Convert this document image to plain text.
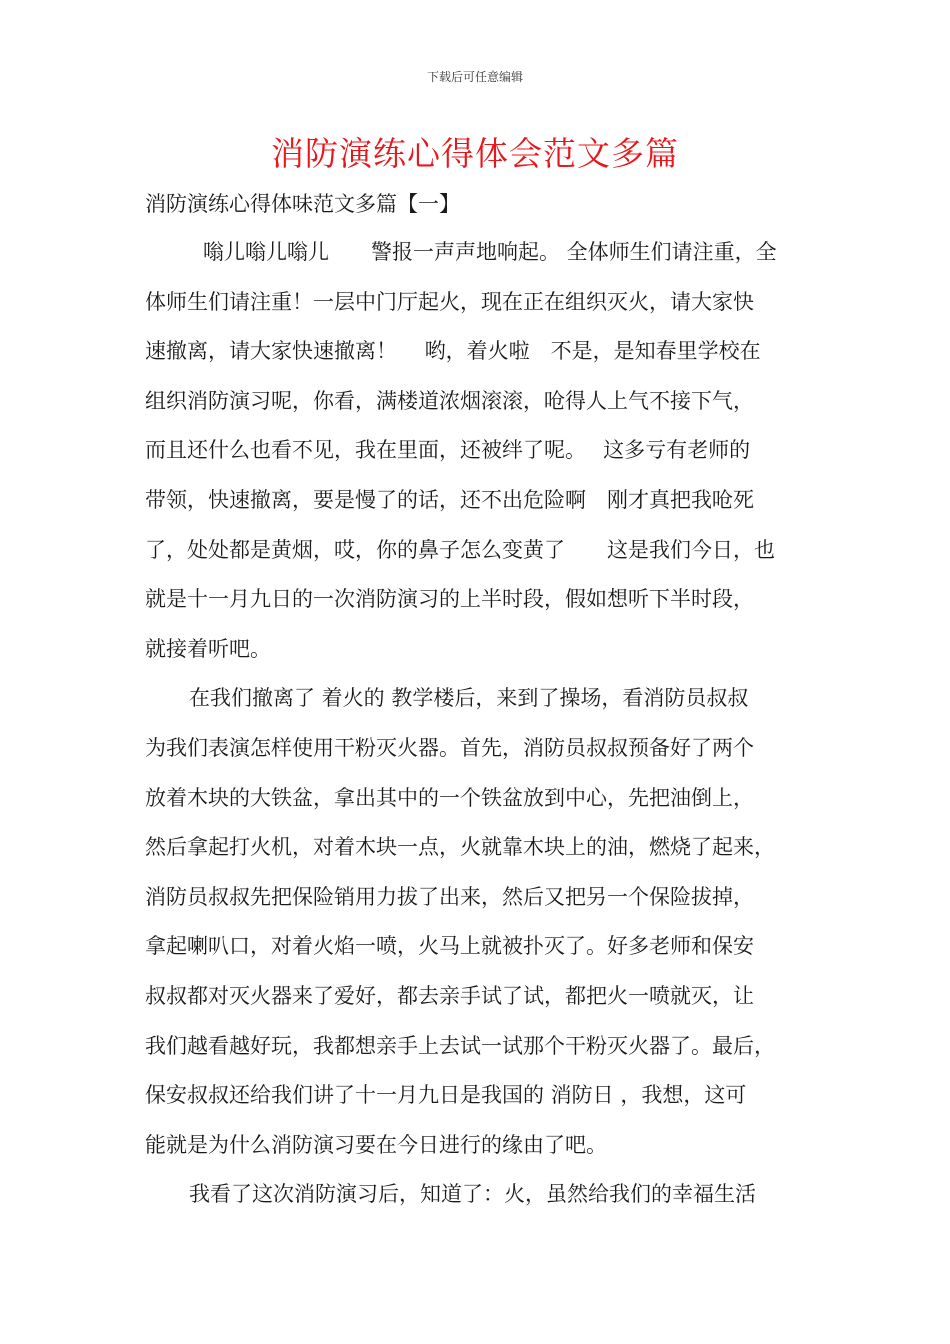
下载后可任意编辑
消防演练心得体会范文多篇
消防演练心得体味范文多篇【一】
嗡儿嗡儿嗡儿　　警报一声声地响起。 全体师生们请注重，全
体师生们请注重！一层中门厅起火，现在正在组织灭火，请大家快
速撤离，请大家快速撤离！　 哟，着火啦　不是，是知春里学校在
组织消防演习呢，你看，满楼道浓烟滚滚，呛得人上气不接下气，
而且还什么也看不见，我在里面，还被绊了呢。　 这多亏有老师的
带领，快速撤离，要是慢了的话，还不出危险啊　刚才真把我呛死
了，处处都是黄烟，哎，你的鼻子怎么变黄了　　这是我们今日，也
就是十一月九日的一次消防演习的上半时段，假如想听下半时段，
就接着听吧。
在我们撤离了 着火的 教学楼后，来到了操场，看消防员叔叔
为我们表演怎样使用干粉灭火器。首先，消防员叔叔预备好了两个
放着木块的大铁盆，拿出其中的一个铁盆放到中心，先把油倒上，
然后拿起打火机，对着木块一点，火就靠木块上的油，燃烧了起来，
消防员叔叔先把保险销用力拔了出来，然后又把另一个保险拔掉，
拿起喇叭口，对着火焰一喷，火马上就被扑灭了。好多老师和保安
叔叔都对灭火器来了爱好，都去亲手试了试，都把火一喷就灭，让
我们越看越好玩，我都想亲手上去试一试那个干粉灭火器了。最后，
保安叔叔还给我们讲了十一月九日是我国的 消防日 ，我想，这可
能就是为什么消防演习要在今日进行的缘由了吧。
我看了这次消防演习后，知道了：火，虽然给我们的幸福生活
